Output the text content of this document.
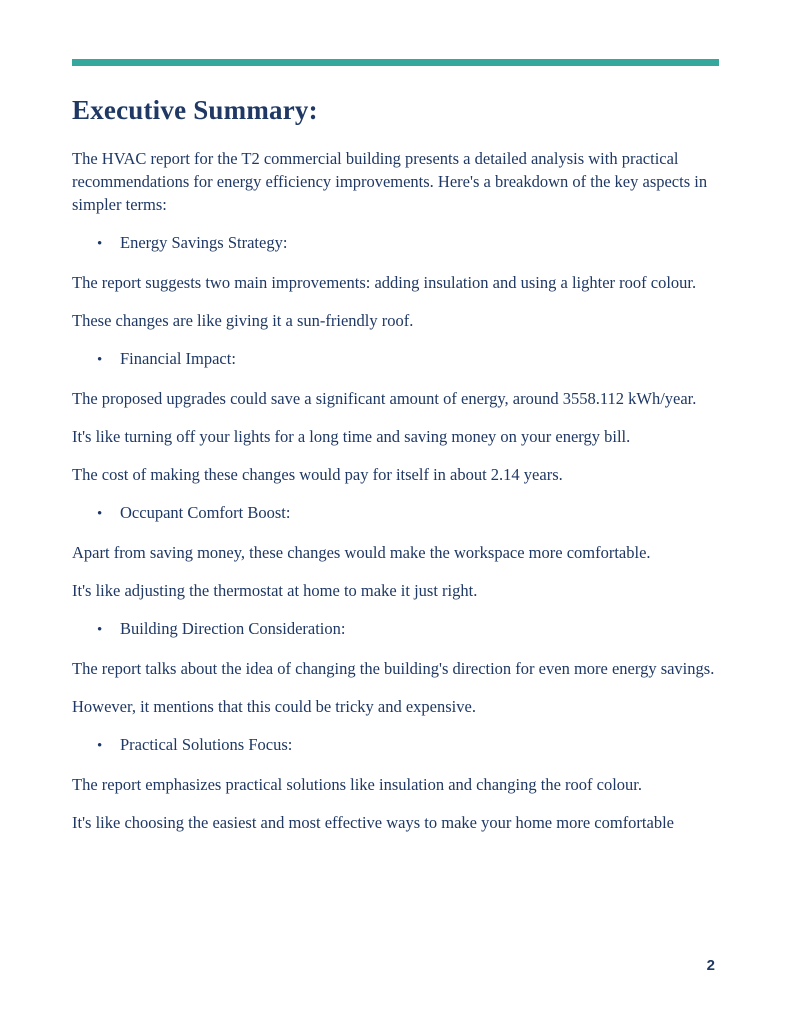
Executive Summary:

The HVAC report for the T2 commercial building presents a detailed analysis with practical recommendations for energy efficiency improvements. Here's a breakdown of the key aspects in simpler terms:

• Energy Savings Strategy:

The report suggests two main improvements: adding insulation and using a lighter roof colour.

These changes are like giving it a sun-friendly roof.

• Financial Impact:

The proposed upgrades could save a significant amount of energy, around 3558.112 kWh/year.

It's like turning off your lights for a long time and saving money on your energy bill.

The cost of making these changes would pay for itself in about 2.14 years.

• Occupant Comfort Boost:

Apart from saving money, these changes would make the workspace more comfortable.

It's like adjusting the thermostat at home to make it just right.

• Building Direction Consideration:

The report talks about the idea of changing the building's direction for even more energy savings.

However, it mentions that this could be tricky and expensive.

• Practical Solutions Focus:

The report emphasizes practical solutions like insulation and changing the roof colour.

It's like choosing the easiest and most effective ways to make your home more comfortable

2
